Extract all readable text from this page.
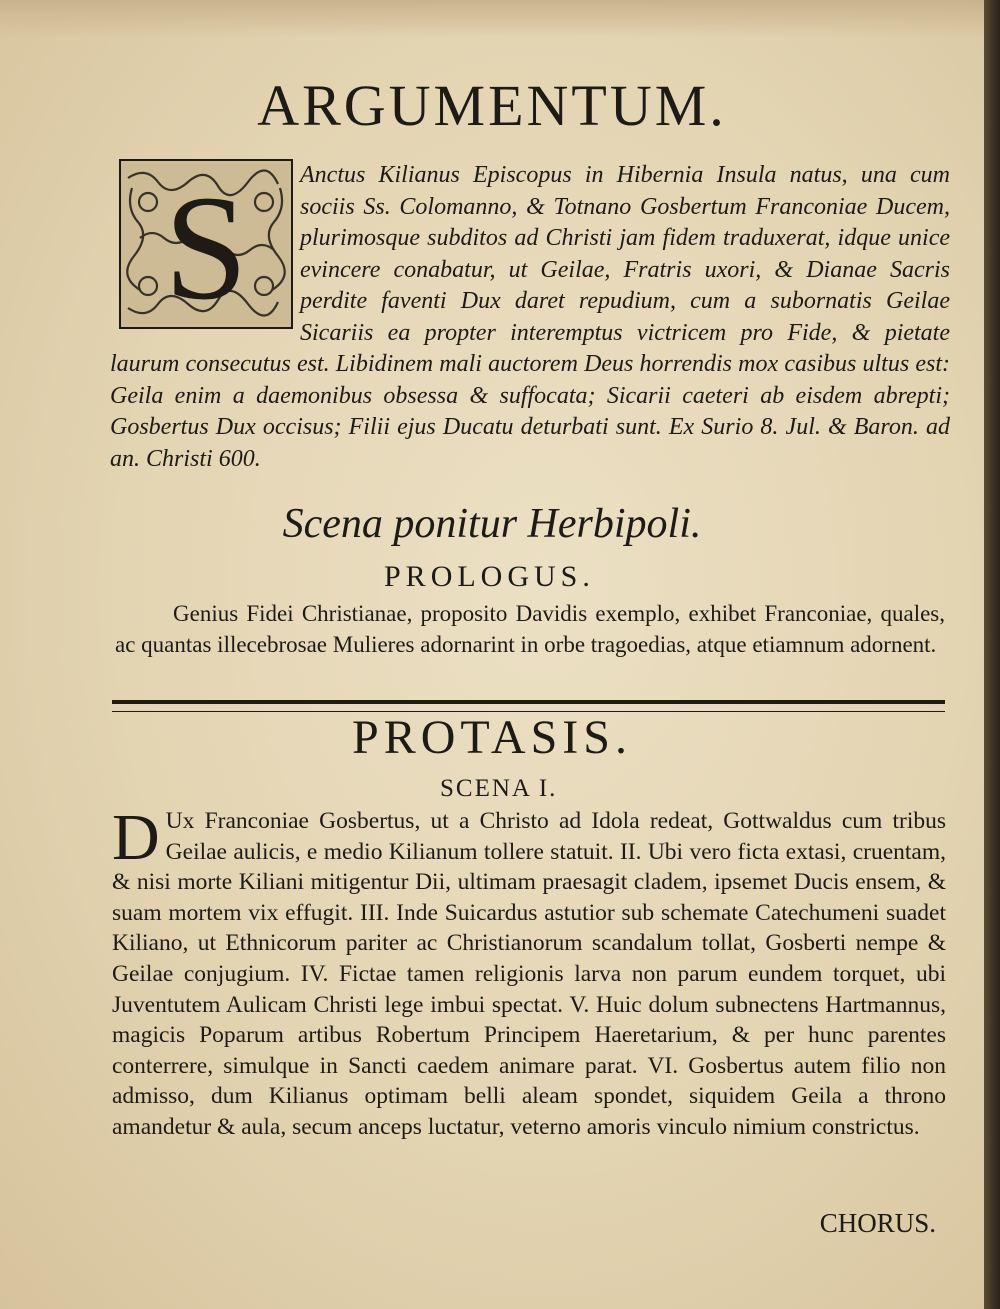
ARGUMENTUM.
S	Anctus Kilianus Episcopus in Hibernia Insula natus, una cum sociis Ss. Colomanno, & Totnano Gosbertum Franconiae Ducem, plurimosque subditos ad Christi jam fidem traduxerat, idque unice evincere conabatur, ut Geilae, Fratris uxori, & Dianae Sacris perdite faventi Dux daret repudium, cum a subornatis Geilae Sicariis ea propter interemptus victricem pro Fide, & pietate laurum consecutus est. Libidinem mali auctorem Deus horrendis mox casibus ultus est: Geila enim a daemonibus obsessa & suffocata; Sicarii caeteri ab eisdem abrepti; Gosbertus Dux occisus; Filii ejus Ducatu deturbati sunt. Ex Surio 8. Jul. & Baron. ad an. Christi 600.
Scena ponitur Herbipoli.
PROLOGUS.
Genius Fidei Christianae, proposito Davidis exemplo, exhibet Franconiae, quales, ac quantas illecebrosae Mulieres adornarint in orbe tragoedias, atque etiamnum adornent.
PROTASIS.
SCENA I.
D Ux Franconiae Gosbertus, ut a Christo ad Idola redeat, Gottwaldus cum tribus Geilae aulicis, e medio Kilianum tollere statuit. II. Ubi vero ficta extasi, cruentam, & nisi morte Kiliani mitigentur Dii, ultimam praesagit cladem, ipsemet Ducis ensem, & suam mortem vix effugit. III. Inde Suicardus astutior sub schemate Catechumeni suadet Kiliano, ut Ethnicorum pariter ac Christianorum scandalum tollat, Gosberti nempe & Geilae conjugium. IV. Fictae tamen religionis larva non parum eundem torquet, ubi Juventutem Aulicam Christi lege imbui spectat. V. Huic dolum subnectens Hartmannus, magicis Poparum artibus Robertum Principem Haeretarium, & per hunc parentes conterrere, simulque in Sancti caedem animare parat. VI. Gosbertus autem filio non admisso, dum Kilianus optimam belli aleam spondet, siquidem Geila a throno amandetur & aula, secum anceps luctatur, veterno amoris vinculo nimium constrictus.
CHORUS.
